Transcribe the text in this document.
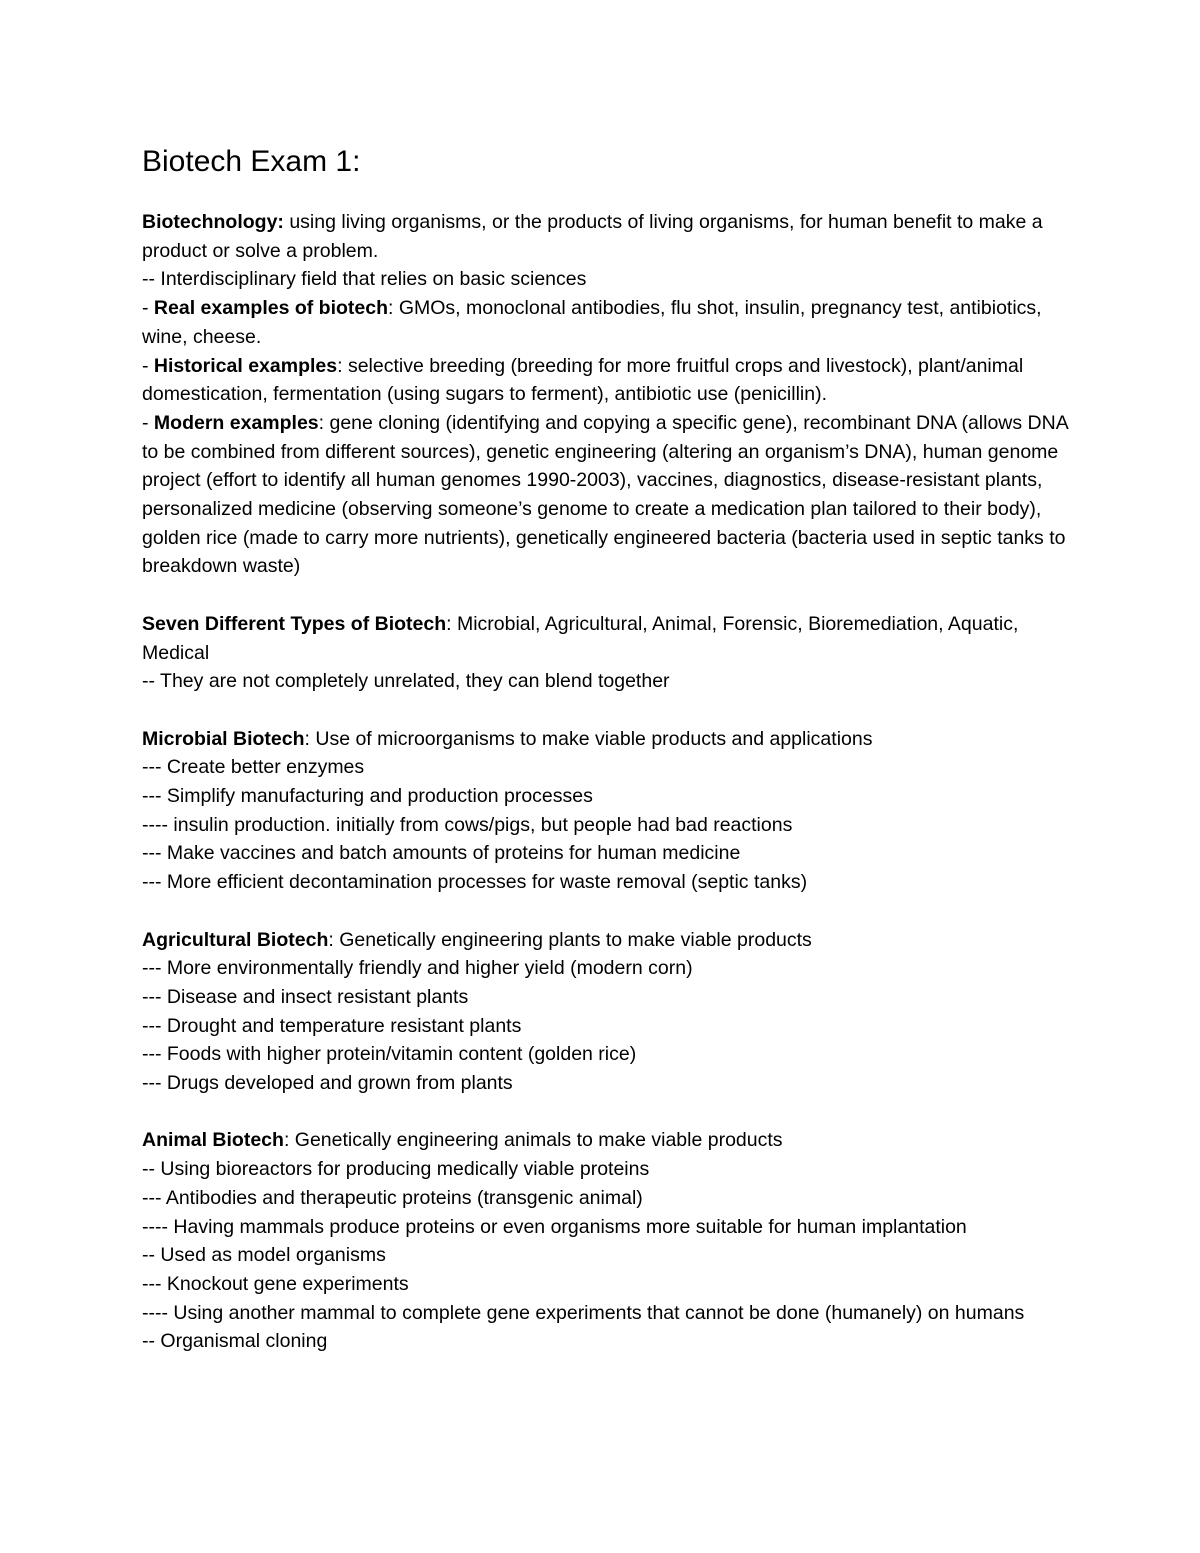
Biotech Exam 1:

Biotechnology: using living organisms, or the products of living organisms, for human benefit to make a product or solve a problem.

-- Interdisciplinary field that relies on basic sciences

- Real examples of biotech: GMOs, monoclonal antibodies, flu shot, insulin, pregnancy test, antibiotics, wine, cheese.

- Historical examples: selective breeding (breeding for more fruitful crops and livestock), plant/animal domestication, fermentation (using sugars to ferment), antibiotic use (penicillin).

- Modern examples: gene cloning (identifying and copying a specific gene), recombinant DNA (allows DNA to be combined from different sources), genetic engineering (altering an organism’s DNA), human genome project (effort to identify all human genomes 1990-2003), vaccines, diagnostics, disease-resistant plants, personalized medicine (observing someone’s genome to create a medication plan tailored to their body), golden rice (made to carry more nutrients), genetically engineered bacteria (bacteria used in septic tanks to breakdown waste)

Seven Different Types of Biotech: Microbial, Agricultural, Animal, Forensic, Bioremediation, Aquatic, Medical

-- They are not completely unrelated, they can blend together

Microbial Biotech: Use of microorganisms to make viable products and applications

--- Create better enzymes

--- Simplify manufacturing and production processes

---- insulin production. initially from cows/pigs, but people had bad reactions

--- Make vaccines and batch amounts of proteins for human medicine

--- More efficient decontamination processes for waste removal (septic tanks)

Agricultural Biotech: Genetically engineering plants to make viable products

--- More environmentally friendly and higher yield (modern corn)

--- Disease and insect resistant plants

--- Drought and temperature resistant plants

--- Foods with higher protein/vitamin content (golden rice)

--- Drugs developed and grown from plants

Animal Biotech: Genetically engineering animals to make viable products

-- Using bioreactors for producing medically viable proteins

--- Antibodies and therapeutic proteins (transgenic animal)

---- Having mammals produce proteins or even organisms more suitable for human implantation

-- Used as model organisms

--- Knockout gene experiments

---- Using another mammal to complete gene experiments that cannot be done (humanely) on humans

-- Organismal cloning
